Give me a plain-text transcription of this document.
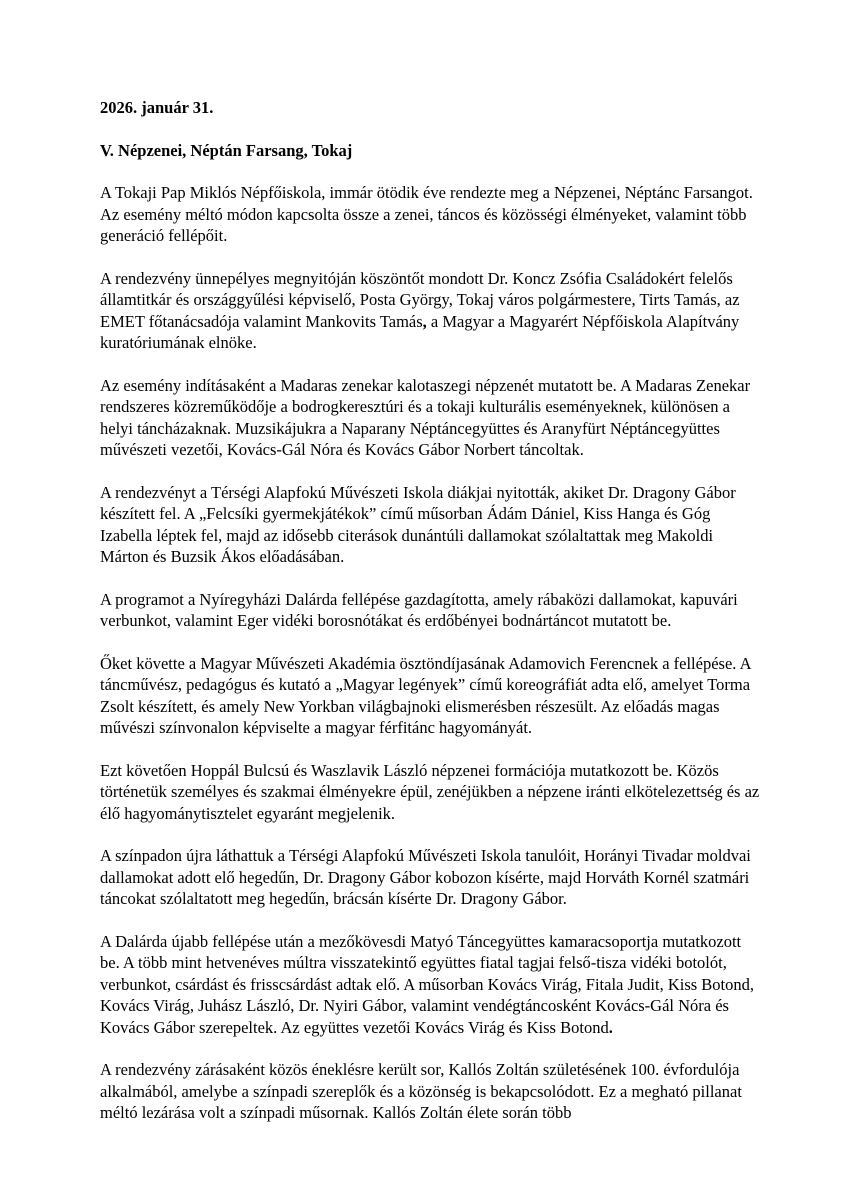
2026. január 31.

V. Népzenei, Néptán Farsang, Tokaj

A Tokaji Pap Miklós Népfőiskola, immár ötödik éve rendezte meg a Népzenei, Néptánc Farsangot. Az esemény méltó módon kapcsolta össze a zenei, táncos és közösségi élményeket, valamint több generáció fellépőit.

A rendezvény ünnepélyes megnyitóján köszöntőt mondott Dr. Koncz Zsófia Családokért felelős államtitkár és országgyűlési képviselő, Posta György, Tokaj város polgármestere, Tirts Tamás, az EMET főtanácsadója valamint Mankovits Tamás, a Magyar a Magyarért Népfőiskola Alapítvány kuratóriumának elnöke.

Az esemény indításaként a Madaras zenekar kalotaszegi népzenét mutatott be. A Madaras Zenekar rendszeres közreműködője a bodrogkeresztúri és a tokaji kulturális eseményeknek, különösen a helyi táncházaknak. Muzsikájukra a Naparany Néptáncegyüttes és Aranyfürt Néptáncegyüttes művészeti vezetői, Kovács-Gál Nóra és Kovács Gábor Norbert táncoltak.

A rendezvényt a Térségi Alapfokú Művészeti Iskola diákjai nyitották, akiket Dr. Dragony Gábor készített fel. A „Felcsíki gyermekjátékok” című műsorban Ádám Dániel, Kiss Hanga és Góg Izabella léptek fel, majd az idősebb citerások dunántúli dallamokat szólaltattak meg Makoldi Márton és Buzsik Ákos előadásában.

A programot a Nyíregyházi Dalárda fellépése gazdagította, amely rábaközi dallamokat, kapuvári verbunkot, valamint Eger vidéki borosnótákat és erdőbényei bodnártáncot mutatott be.

Őket követte a Magyar Művészeti Akadémia ösztöndíjasának Adamovich Ferencnek a fellépése. A táncművész, pedagógus és kutató a „Magyar legények” című koreográfiát adta elő, amelyet Torma Zsolt készített, és amely New Yorkban világbajnoki elismerésben részesült. Az előadás magas művészi színvonalon képviselte a magyar férfitánc hagyományát.

Ezt követően Hoppál Bulcsú és Waszlavik László népzenei formációja mutatkozott be. Közös történetük személyes és szakmai élményekre épül, zenéjükben a népzene iránti elkötelezettség és az élő hagyománytisztelet egyaránt megjelenik.

A színpadon újra láthattuk a Térségi Alapfokú Művészeti Iskola tanulóit, Horányi Tivadar moldvai dallamokat adott elő hegedűn, Dr. Dragony Gábor kobozon kísérte, majd Horváth Kornél szatmári táncokat szólaltatott meg hegedűn, brácsán kísérte Dr. Dragony Gábor.

A Dalárda újabb fellépése után a mezőkövesdi Matyó Táncegyüttes kamaracsoportja mutatkozott be. A több mint hetvenéves múltra visszatekintő együttes fiatal tagjai felső-tisza vidéki botolót, verbunkot, csárdást és frisscsárdást adtak elő. A műsorban Kovács Virág, Fitala Judit, Kiss Botond, Kovács Virág, Juhász László, Dr. Nyiri Gábor, valamint vendégtáncosként Kovács-Gál Nóra és Kovács Gábor szerepeltek. Az együttes vezetői Kovács Virág és Kiss Botond.

A rendezvény zárásaként közös éneklésre került sor, Kallós Zoltán születésének 100. évfordulója alkalmából, amelybe a színpadi szereplők és a közönség is bekapcsolódott. Ez a megható pillanat méltó lezárása volt a színpadi műsornak. Kallós Zoltán élete során több
